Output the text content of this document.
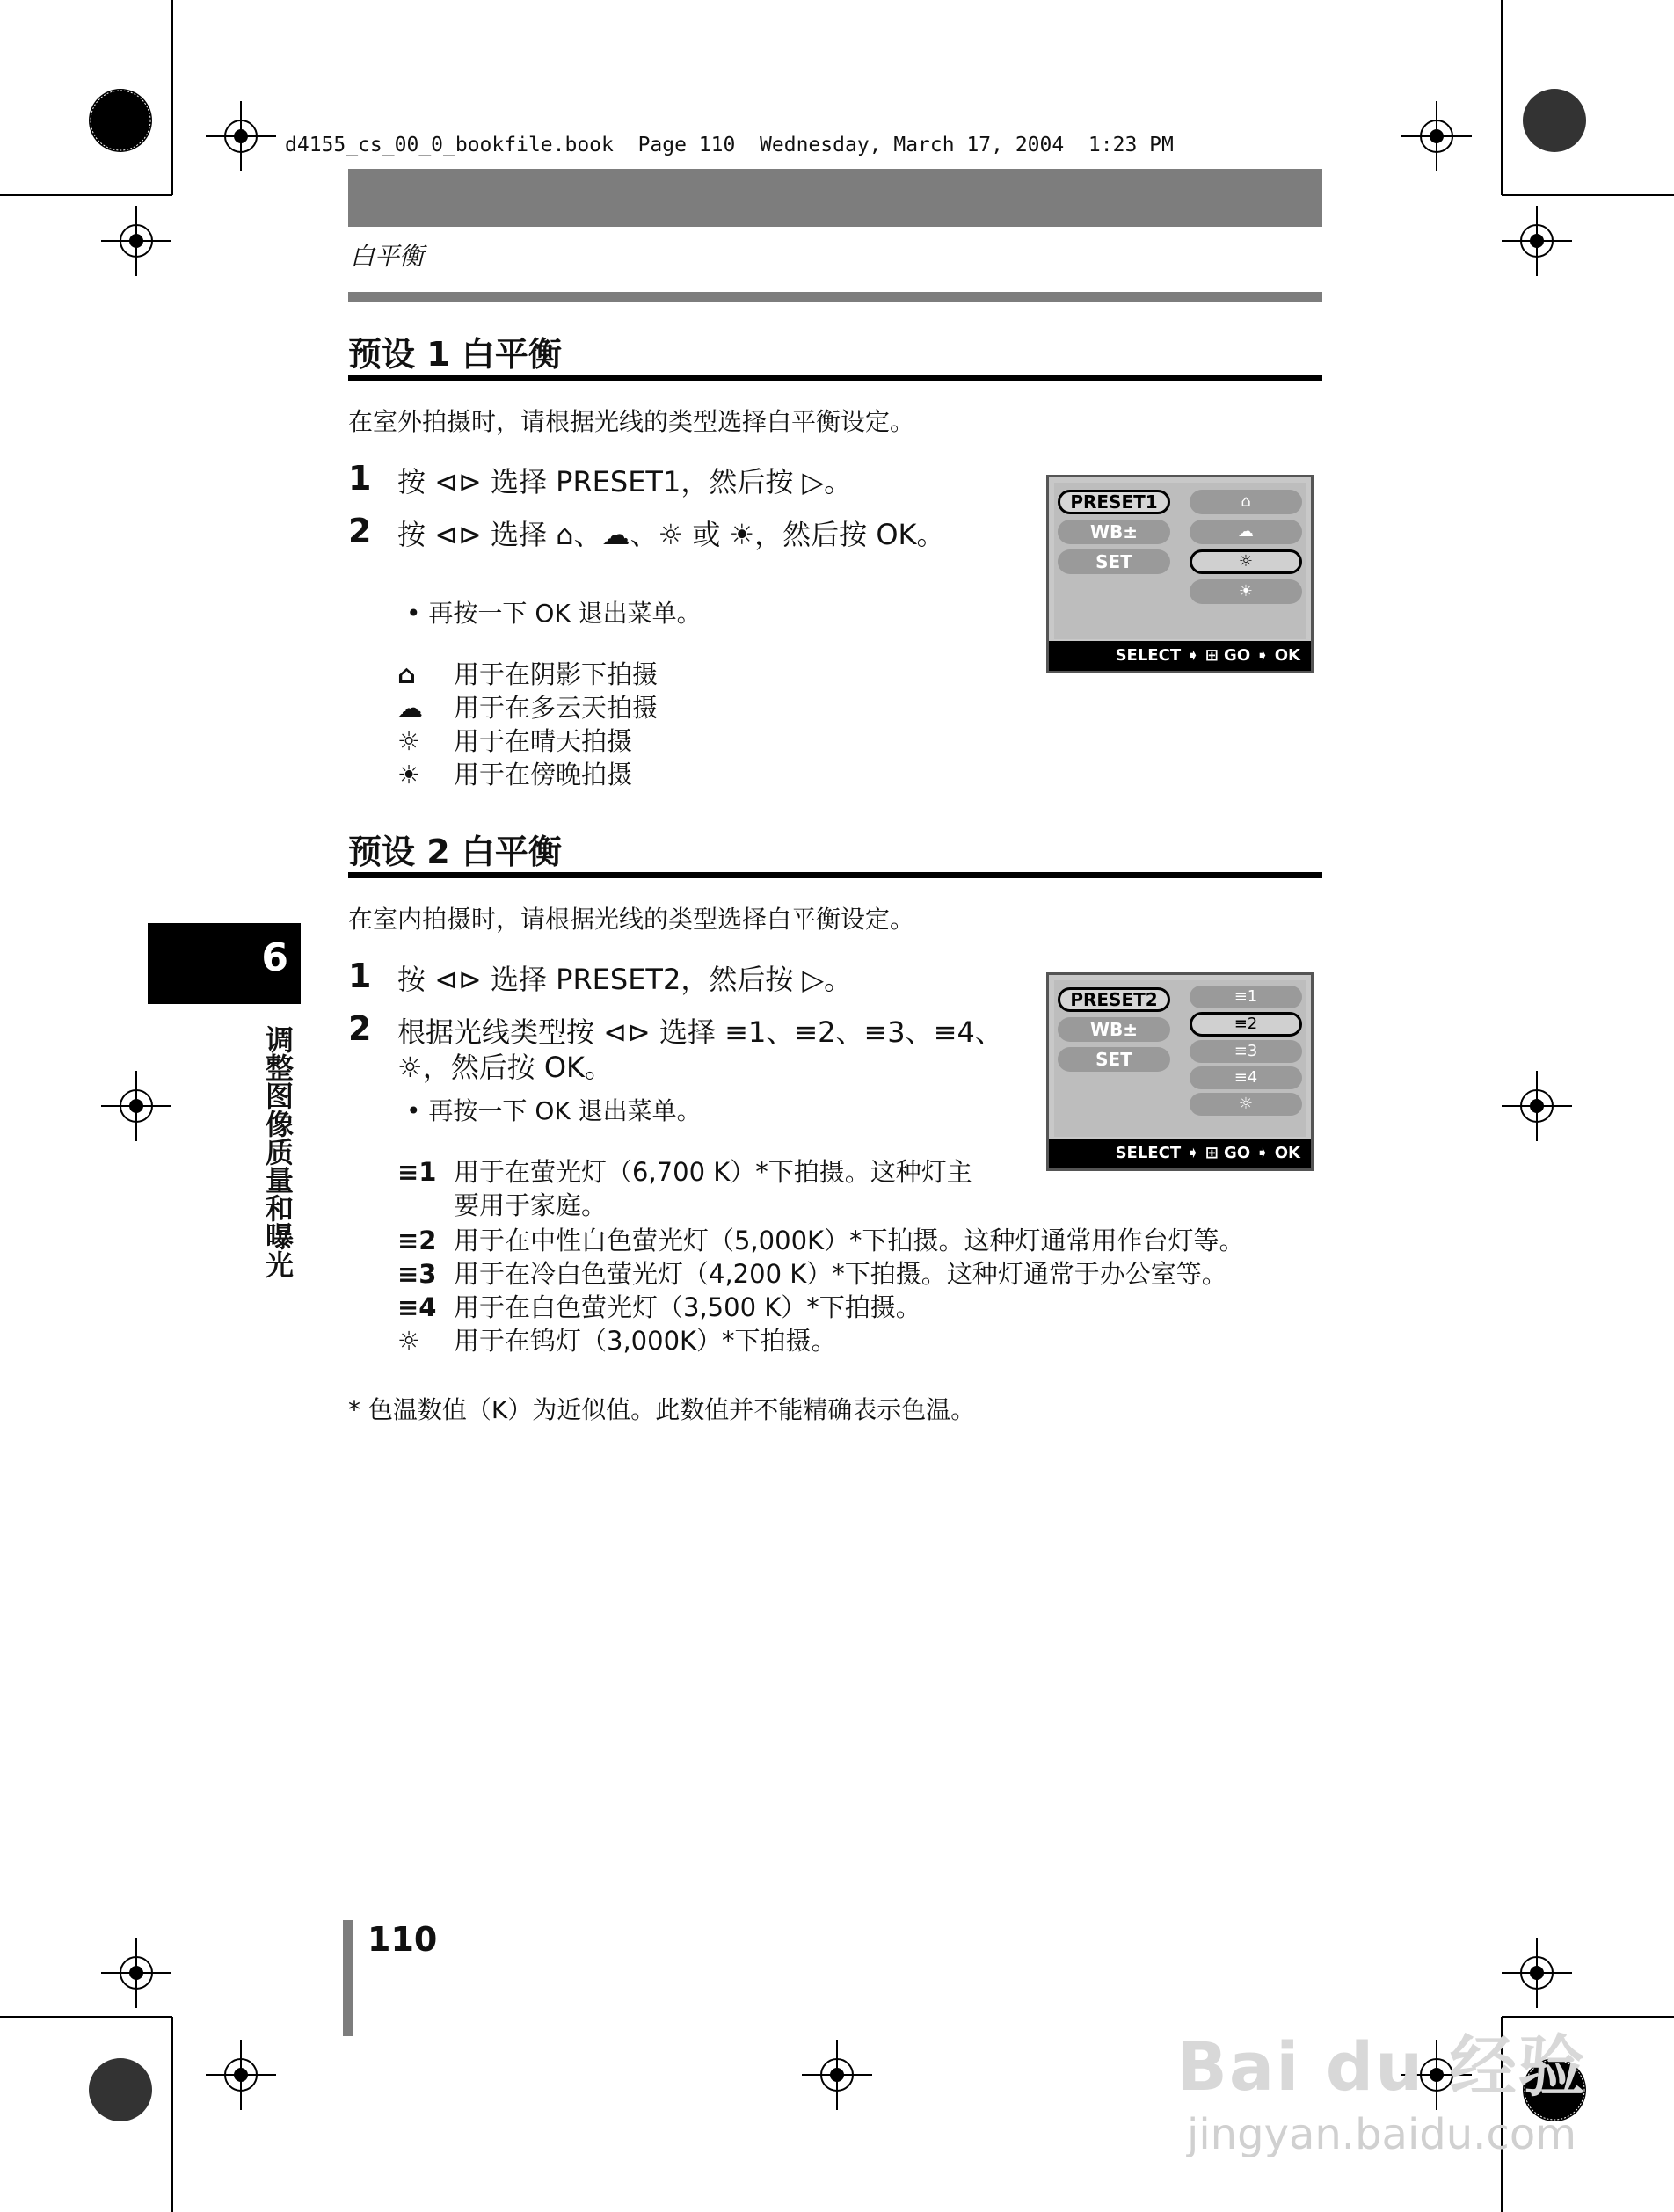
d4155_cs_00_0_bookfile.book  Page 110  Wednesday, March 17, 2004  1:23 PM
白平衡
预设 1 白平衡
在室外拍摄时，请根据光线的类型选择白平衡设定。
1 按 ⊲⊳ 选择 PRESET1，然后按 ▷。
2 按 ⊲⊳ 选择 ⌂、☁、☼ 或 ☀，然后按 OK。
• 再按一下 OK 退出菜单。
⌂ 用于在阴影下拍摄
☁ 用于在多云天拍摄
☼ 用于在晴天拍摄
☀ 用于在傍晚拍摄
PRESET1
WB±
SET
⌂
☁
☼
☀
SELECT ➧ ⊞ GO ➧ OK
预设 2 白平衡
在室内拍摄时，请根据光线的类型选择白平衡设定。
1 按 ⊲⊳ 选择 PRESET2，然后按 ▷。
2 根据光线类型按 ⊲⊳ 选择 ≡1、≡2、≡3、≡4、☼，然后按 OK。
• 再按一下 OK 退出菜单。
≡1 用于在萤光灯（6,700 K）*下拍摄。这种灯主要用于家庭。
≡2 用于在中性白色萤光灯（5,000K）*下拍摄。这种灯通常用作台灯等。
≡3 用于在冷白色萤光灯（4,200 K）*下拍摄。这种灯通常于办公室等。
≡4 用于在白色萤光灯（3,500 K）*下拍摄。
☼ 用于在钨灯（3,000K）*下拍摄。
PRESET2
WB±
SET
≡1
≡2
≡3
≡4
☼
SELECT ➧ ⊞ GO ➧ OK
* 色温数值（K）为近似值。此数值并不能精确表示色温。
6
调整图像质量和曝光
110
Bai du 经验
jingyan.baidu.com
